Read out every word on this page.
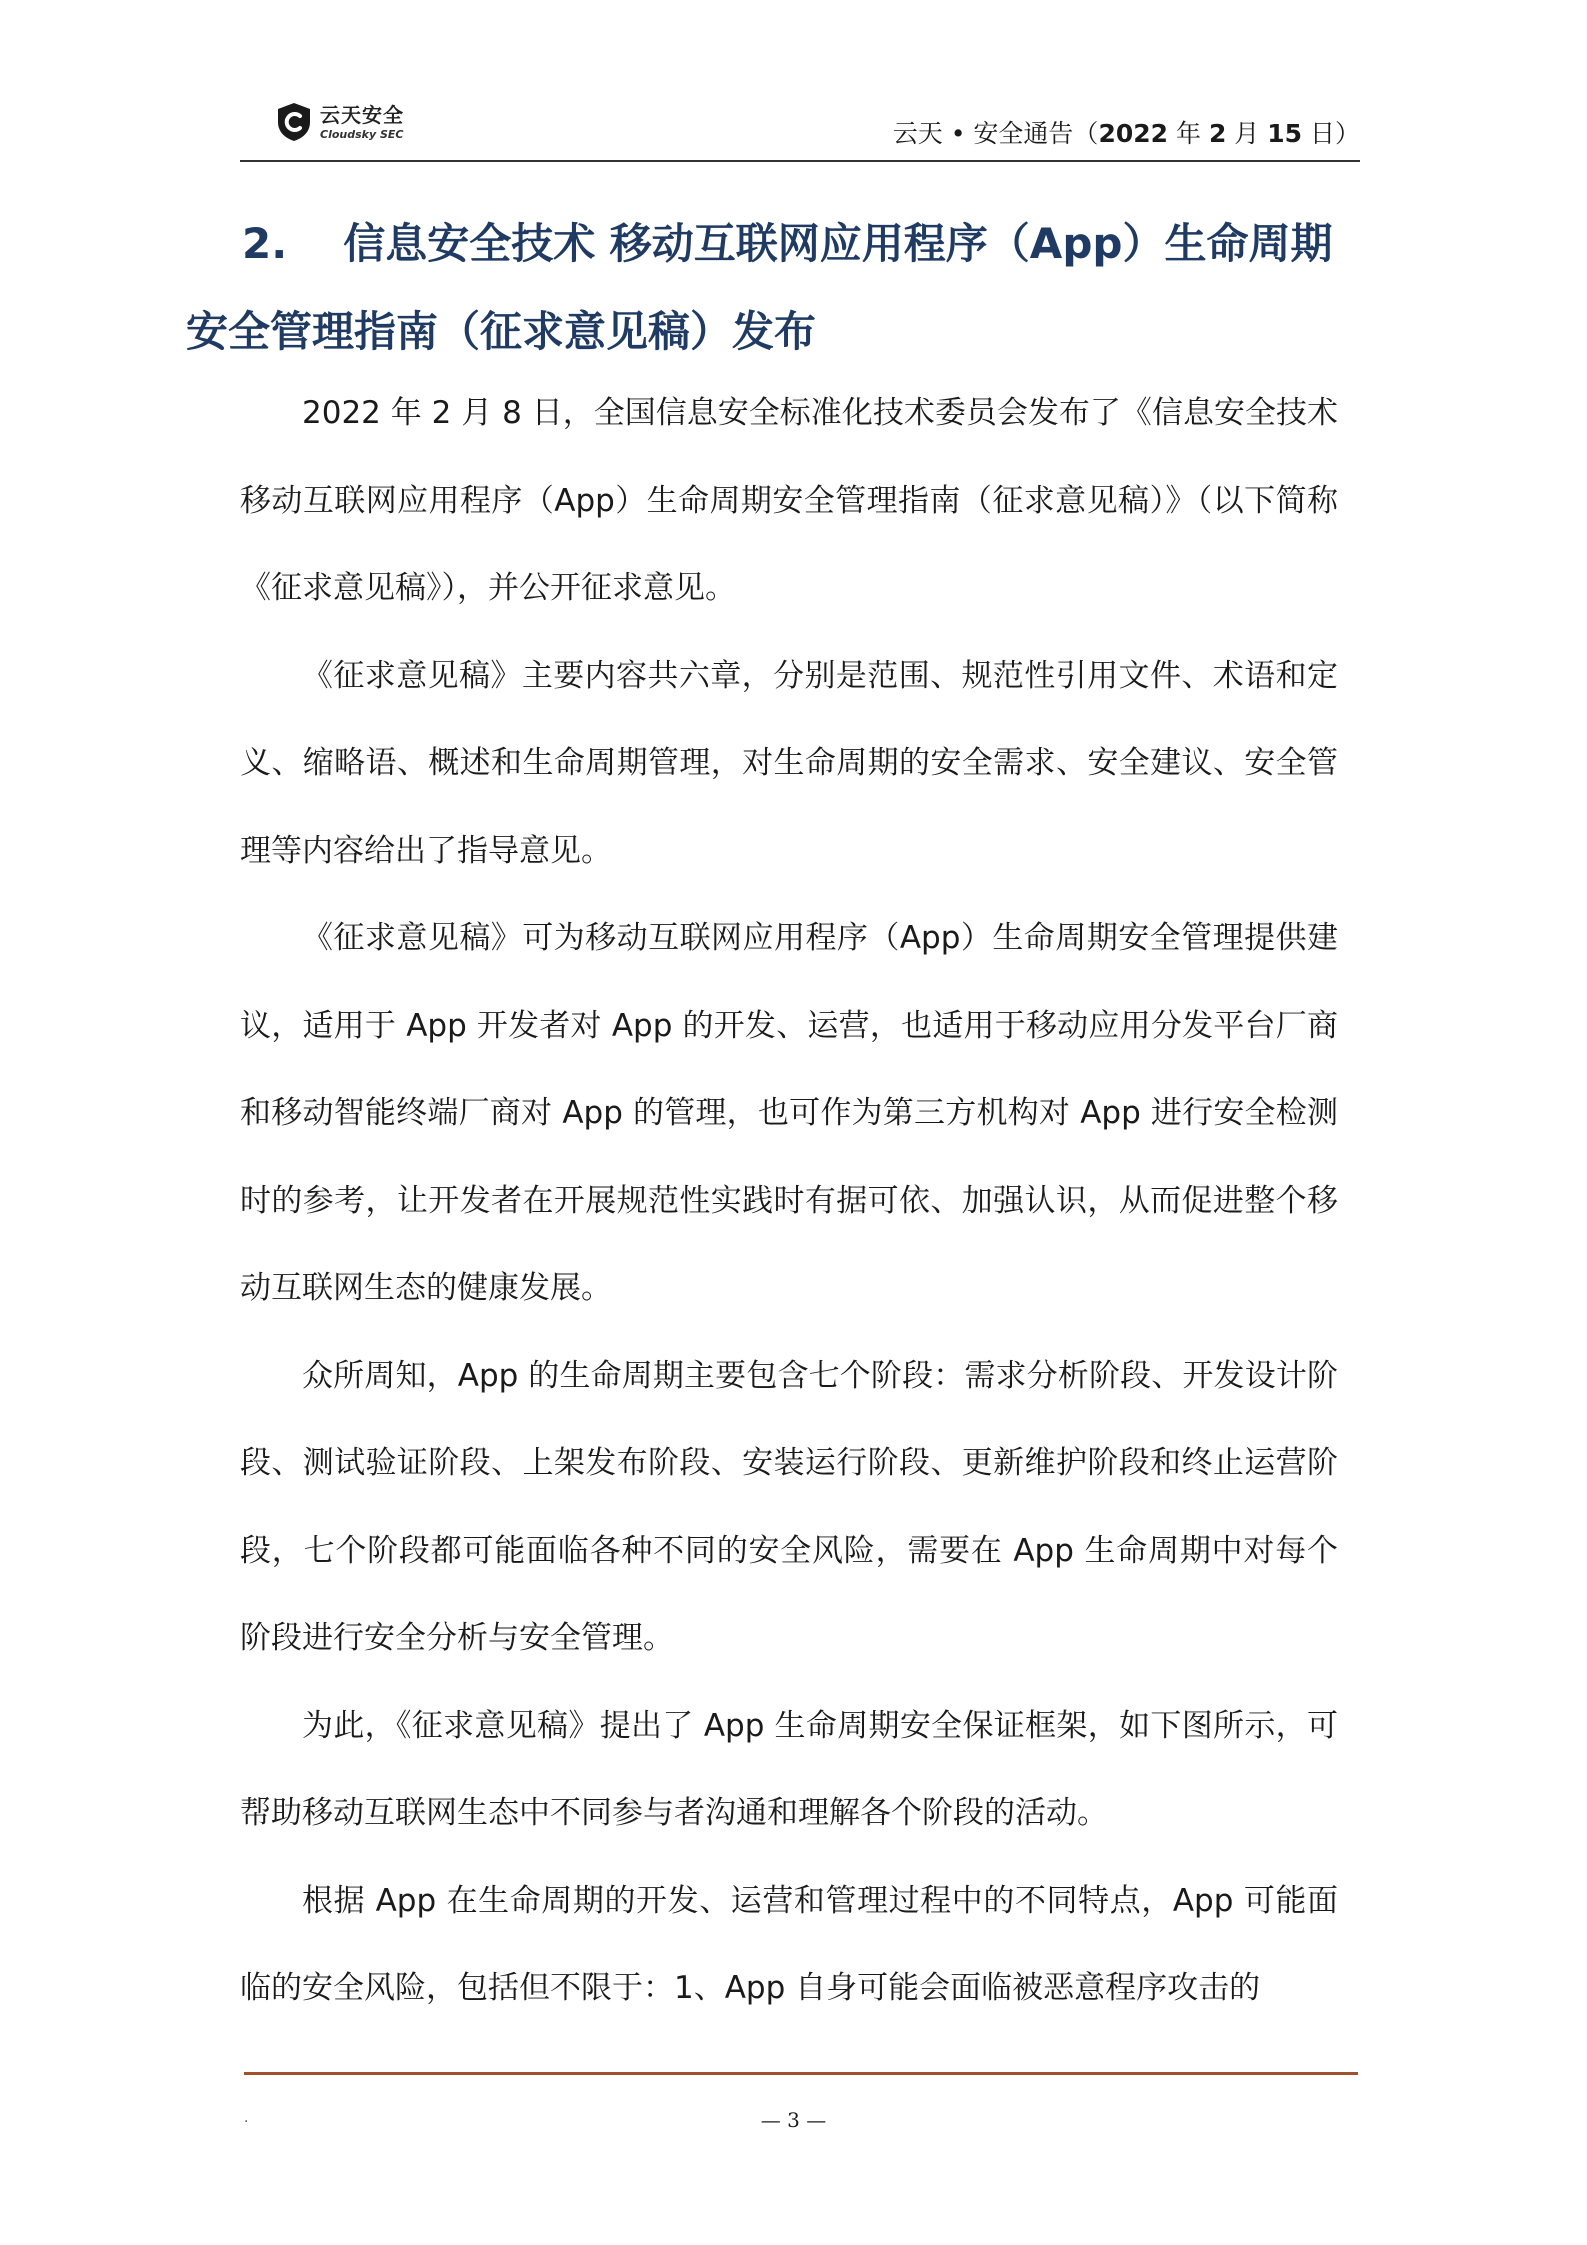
云天安全
Cloudsky SEC	云天 • 安全通告（2022 年 2 月 15 日）
2. 信息安全技术 移动互联网应用程序（App）生命周期
安全管理指南（征求意见稿）发布

2022 年 2 月 8 日，全国信息安全标准化技术委员会发布了《信息安全技术 移动互联网应用程序（App）生命周期安全管理指南（征求意见稿）》（以下简称《征求意见稿》），并公开征求意见。

《征求意见稿》主要内容共六章，分别是范围、规范性引用文件、术语和定义、缩略语、概述和生命周期管理，对生命周期的安全需求、安全建议、安全管理等内容给出了指导意见。

《征求意见稿》可为移动互联网应用程序（App）生命周期安全管理提供建议，适用于 App 开发者对 App 的开发、运营，也适用于移动应用分发平台厂商和移动智能终端厂商对 App 的管理，也可作为第三方机构对 App 进行安全检测时的参考，让开发者在开展规范性实践时有据可依、加强认识，从而促进整个移动互联网生态的健康发展。

众所周知，App 的生命周期主要包含七个阶段：需求分析阶段、开发设计阶段、测试验证阶段、上架发布阶段、安装运行阶段、更新维护阶段和终止运营阶段，七个阶段都可能面临各种不同的安全风险，需要在 App 生命周期中对每个阶段进行安全分析与安全管理。

为此，《征求意见稿》提出了 App 生命周期安全保证框架，如下图所示，可帮助移动互联网生态中不同参与者沟通和理解各个阶段的活动。

根据 App 在生命周期的开发、运营和管理过程中的不同特点，App 可能面临的安全风险，包括但不限于：1、App 自身可能会面临被恶意程序攻击的

.	— 3 —
